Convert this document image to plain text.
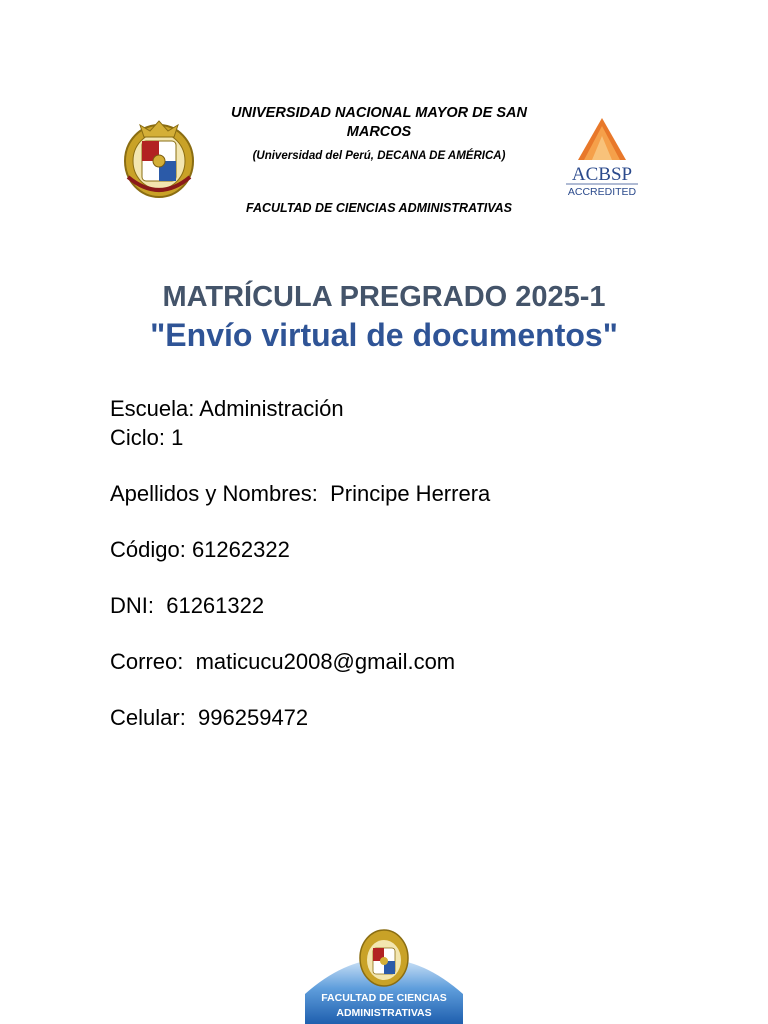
UNIVERSIDAD NACIONAL MAYOR DE SAN MARCOS
(Universidad del Perú, DECANA DE AMÉRICA)
FACULTAD DE CIENCIAS ADMINISTRATIVAS
ACBSP
ACCREDITED
MATRÍCULA PREGRADO 2025-1
"Envío virtual de documentos"
Escuela: Administración
Ciclo: 1
Apellidos y Nombres:  Principe Herrera
Código: 61262322
DNI:  61261322
Correo:  maticucu2008@gmail.com
Celular:  996259472
FACULTAD DE CIENCIAS
ADMINISTRATIVAS
